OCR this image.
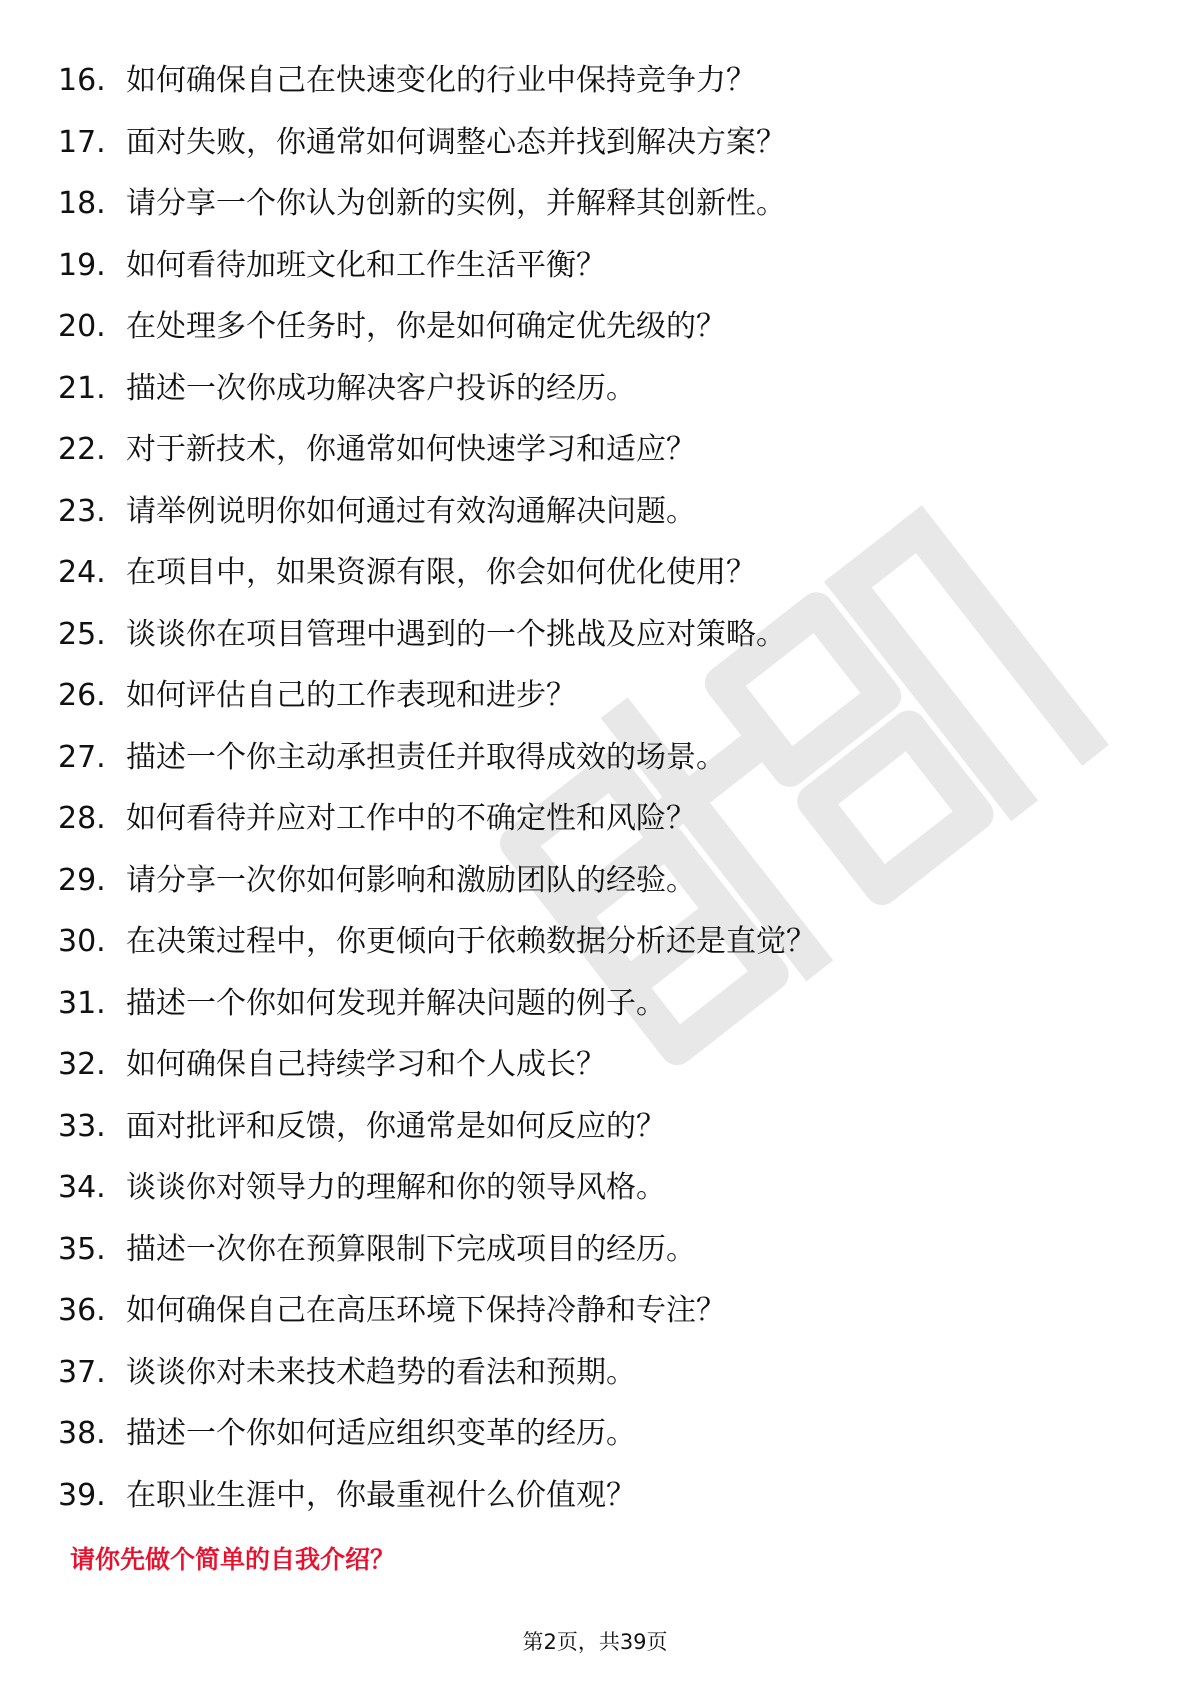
16. 如何确保自己在快速变化的行业中保持竞争力？
17. 面对失败，你通常如何调整心态并找到解决方案？
18. 请分享一个你认为创新的实例，并解释其创新性。
19. 如何看待加班文化和工作生活平衡？
20. 在处理多个任务时，你是如何确定优先级的？
21. 描述一次你成功解决客户投诉的经历。
22. 对于新技术，你通常如何快速学习和适应？
23. 请举例说明你如何通过有效沟通解决问题。
24. 在项目中，如果资源有限，你会如何优化使用？
25. 谈谈你在项目管理中遇到的一个挑战及应对策略。
26. 如何评估自己的工作表现和进步？
27. 描述一个你主动承担责任并取得成效的场景。
28. 如何看待并应对工作中的不确定性和风险？
29. 请分享一次你如何影响和激励团队的经验。
30. 在决策过程中，你更倾向于依赖数据分析还是直觉？
31. 描述一个你如何发现并解决问题的例子。
32. 如何确保自己持续学习和个人成长？
33. 面对批评和反馈，你通常是如何反应的？
34. 谈谈你对领导力的理解和你的领导风格。
35. 描述一次你在预算限制下完成项目的经历。
36. 如何确保自己在高压环境下保持冷静和专注？
37. 谈谈你对未来技术趋势的看法和预期。
38. 描述一个你如何适应组织变革的经历。
39. 在职业生涯中，你最重视什么价值观？
请你先做个简单的自我介绍？
第2页，共39页
